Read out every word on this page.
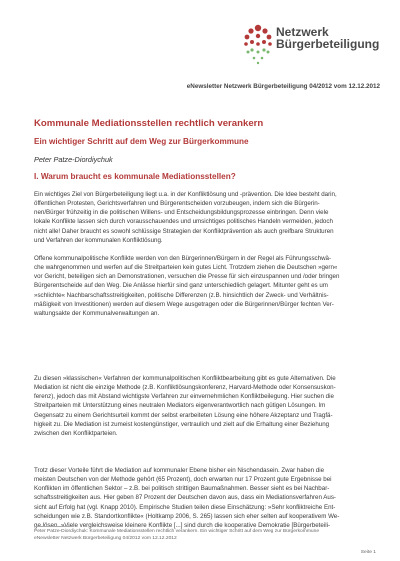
Netzwerk
Bürgerbeteiligung
eNewsletter Netzwerk Bürgerbeteiligung 04/2012 vom 12.12.2012
Kommunale Mediationsstellen rechtlich verankern
Ein wichtiger Schritt auf dem Weg zur Bürgerkommune
Peter Patze-Diordiychuk
I. Warum braucht es kommunale Mediationsstellen?
Ein wichtiges Ziel von Bürgerbeteiligung liegt u.a. in der Konfliktlösung und -prävention. Die Idee besteht darin,
öffentlichen Protesten, Gerichtsverfahren und Bürgerentscheiden vorzubeugen, indem sich die Bürgerin-
nen/Bürger frühzeitig in die politischen Willens- und Entscheidungsbildungsprozesse einbringen. Denn viele
lokale Konflikte lassen sich durch vorausschauendes und umsichtiges politisches Handeln vermeiden, jedoch
nicht alle! Daher braucht es sowohl schlüssige Strategien der Konfliktprävention als auch greifbare Strukturen
und Verfahren der kommunalen Konfliktlösung.
Offene kommunalpolitische Konflikte werden von den Bürgerinnen/Bürgern in der Regel als Führungsschwä-
che wahrgenommen und werfen auf die Streitparteien kein gutes Licht. Trotzdem ziehen die Deutschen »gern«
vor Gericht, beteiligen sich an Demonstrationen, versuchen die Presse für sich einzuspannen und /oder bringen
Bürgerentscheide auf den Weg. Die Anlässe hierfür sind ganz unterschiedlich gelagert. Mitunter geht es um
»schlichte« Nachbarschaftsstreitigkeiten, politische Differenzen (z.B. hinsichtlich der Zweck- und Verhältnis-
mäßigkeit von Investitionen) werden auf diesem Wege ausgetragen oder die Bürgerinnen/Bürger fechten Ver-
waltungsakte der Kommunalverwaltungen an.
Zu diesen »klassischen« Verfahren der kommunalpolitischen Konfliktbearbeitung gibt es gute Alternativen. Die
Mediation ist nicht die einzige Methode (z.B. Konfliktlösungskonferenz, Harvard-Methode oder Konsensuskon-
ferenz), jedoch das mit Abstand wichtigste Verfahren zur einvernehmlichen Konfliktbeilegung. Hier suchen die
Streitparteien mit Unterstützung eines neutralen Mediators eigenverantwortlich nach gütigen Lösungen. Im
Gegensatz zu einem Gerichtsurteil kommt der selbst erarbeiteten Lösung eine höhere Akzeptanz und Tragfä-
higkeit zu. Die Mediation ist zumeist kostengünstiger, vertraulich und zielt auf die Erhaltung einer Beziehung
zwischen den Konfliktparteien.
Trotz dieser Vorteile führt die Mediation auf kommunaler Ebene bisher ein Nischendasein. Zwar haben die
meisten Deutschen von der Methode gehört (65 Prozent), doch erwarten nur 17 Prozent gute Ergebnisse bei
Konflikten im öffentlichen Sektor – z.B. bei politisch strittigen Baumaßnahmen. Besser sieht es bei Nachbar-
schaftsstreitigkeiten aus. Hier geben 87 Prozent der Deutschen davon aus, dass ein Mediationsverfahren Aus-
sicht auf Erfolg hat (vgl. Knapp 2010). Empirische Studien teilen diese Einschätzung: »Sehr konfliktreiche Ent-
scheidungen wie z.B. Standortkonflikte« (Holtkamp 2006, S. 265) lassen sich eher selten auf kooperativem We-
ge lösen. »Viele vergleichsweise kleinere Konflikte [...] sind durch die kooperative Demokratie [Bürgerbeteili-
Peter Patze-Diordiychuk: Kommunale Mediationsstellen rechtlich verankern. Ein wichtiger Schritt auf dem Weg zur Bürgerkommune
eNewsletter Netzwerk Bürgerbeteiligung 04/2012 vom 12.12.2012
Seite 1
